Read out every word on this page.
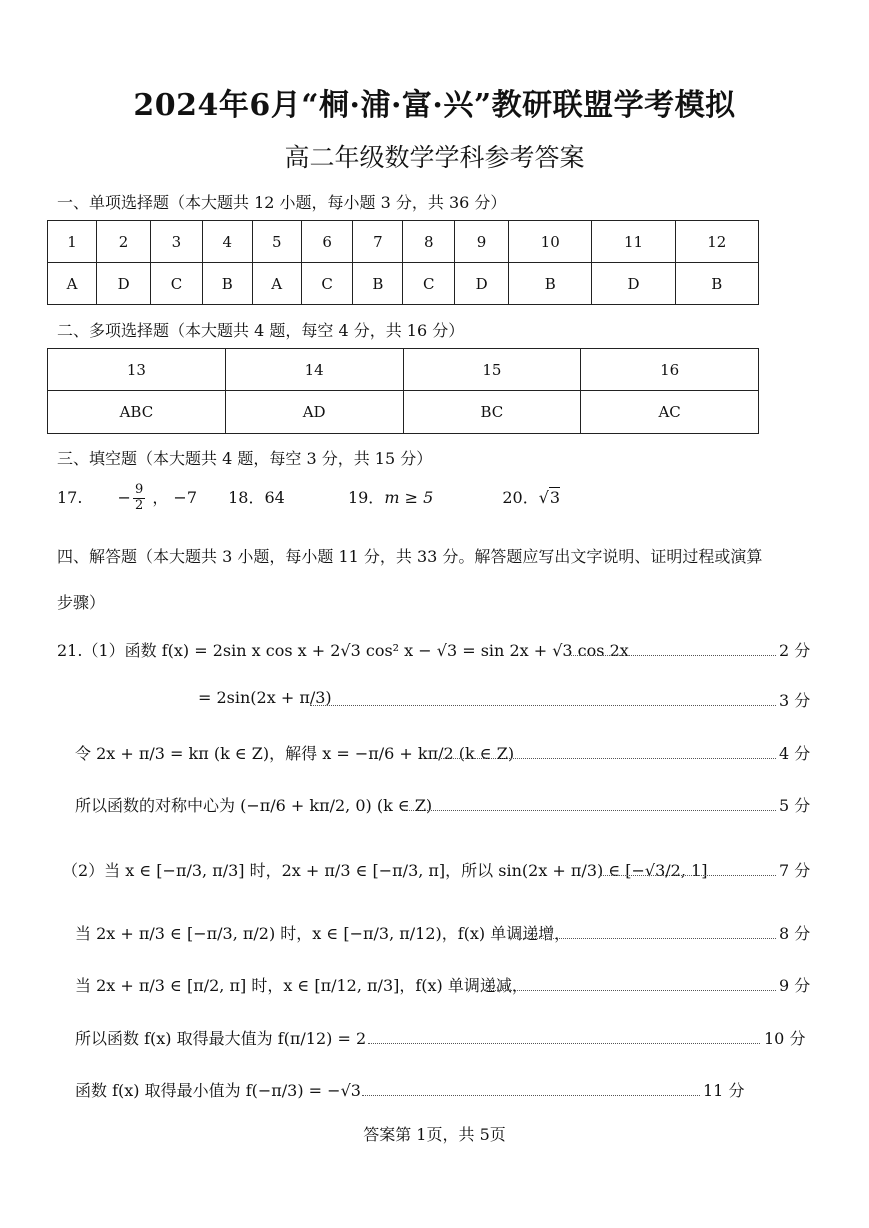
2024年6月“桐·浦·富·兴”教研联盟学考模拟
高二年级数学学科参考答案
一、单项选择题（本大题共 12 小题，每小题 3 分，共 36 分）
1	2	3	4	5	6	7	8	9	10	11	12
A	D	C	B	A	C	B	C	D	B	D	B
二、多项选择题（本大题共 4 题，每空 4 分，共 16 分）
13	14	15	16
ABC	AD	BC	AC
三、填空题（本大题共 4 题，每空 3 分，共 15 分）
17. − $\frac{9}{2}$ ， −7 18．64	19．m ≥ 5	20．√3
四、解答题（本大题共 3 小题，每小题 11 分，共 33 分。解答题应写出文字说明、证明过程或演算
步骤）
21.（1）函数 f(x) = 2sin x cos x + 2√3 cos² x − √3 = sin 2x + √3 cos 2x	2 分
= 2sin(2x + π/3)	3 分
令 2x + π/3 = kπ (k ∈ Z)，解得 x = −π/6 + kπ/2 (k ∈ Z)	4 分
所以函数的对称中心为 (−π/6 + kπ/2, 0) (k ∈ Z)	5 分
（2）当 x ∈ [−π/3, π/3] 时，2x + π/3 ∈ [−π/3, π]，所以 sin(2x + π/3) ∈ [−√3/2, 1]	7 分
当 2x + π/3 ∈ [−π/3, π/2) 时，x ∈ [−π/3, π/12)，f(x) 单调递增，	8 分
当 2x + π/3 ∈ [π/2, π] 时，x ∈ [π/12, π/3]，f(x) 单调递减，	9 分
所以函数 f(x) 取得最大值为 f(π/12) = 2	10 分
函数 f(x) 取得最小值为 f(−π/3) = −√3	11 分
答案第 1页，共 5页
